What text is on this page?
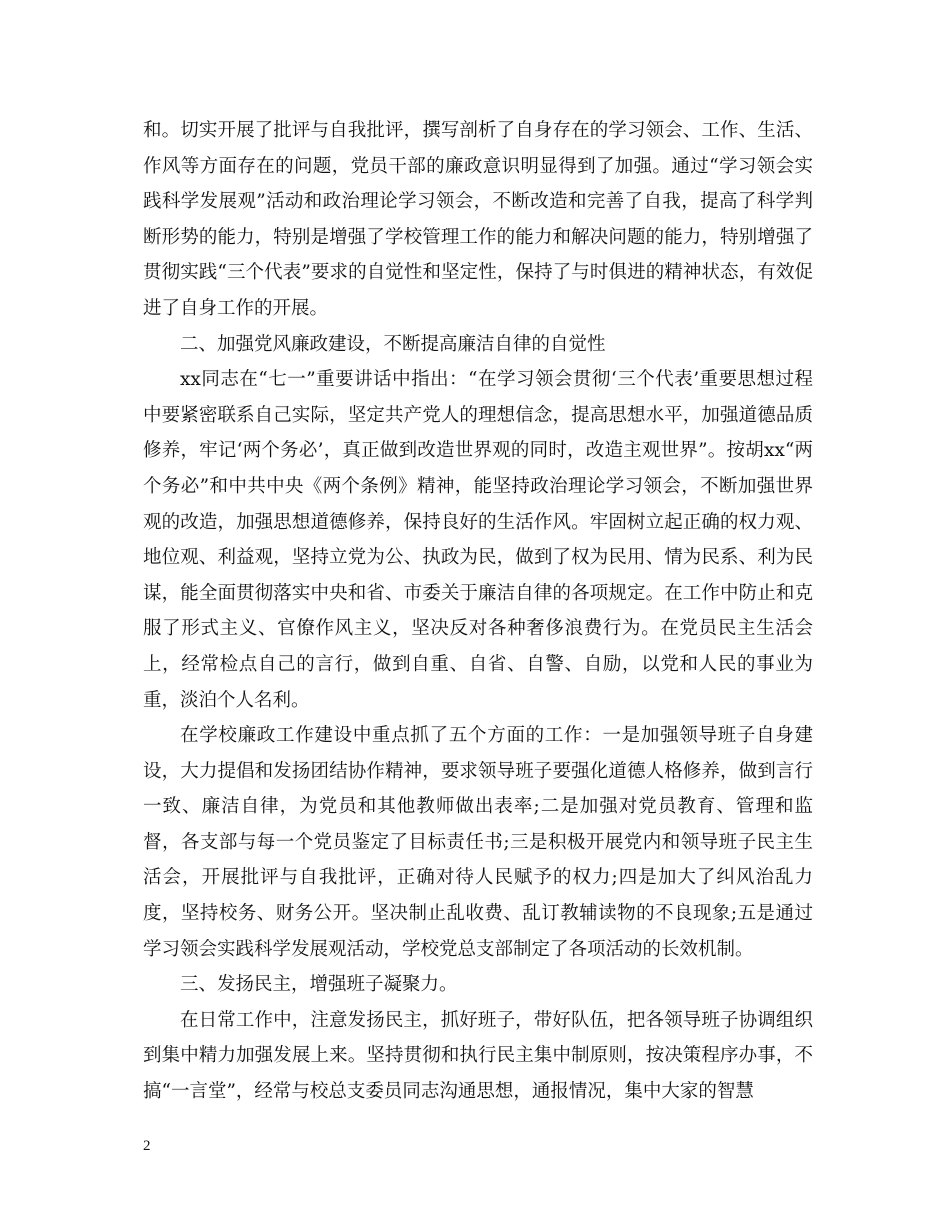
和。切实开展了批评与自我批评，撰写剖析了自身存在的学习领会、工作、生活、作风等方面存在的问题，党员干部的廉政意识明显得到了加强。通过“学习领会实践科学发展观”活动和政治理论学习领会，不断改造和完善了自我，提高了科学判断形势的能力，特别是增强了学校管理工作的能力和解决问题的能力，特别增强了贯彻实践“三个代表”要求的自觉性和坚定性，保持了与时俱进的精神状态，有效促进了自身工作的开展。

二、加强党风廉政建设，不断提高廉洁自律的自觉性

xx同志在“七一”重要讲话中指出：“在学习领会贯彻‘三个代表’重要思想过程中要紧密联系自己实际，坚定共产党人的理想信念，提高思想水平，加强道德品质修养，牢记‘两个务必’，真正做到改造世界观的同时，改造主观世界”。按胡xx“两个务必”和中共中央《两个条例》精神，能坚持政治理论学习领会，不断加强世界观的改造，加强思想道德修养，保持良好的生活作风。牢固树立起正确的权力观、地位观、利益观，坚持立党为公、执政为民，做到了权为民用、情为民系、利为民谋，能全面贯彻落实中央和省、市委关于廉洁自律的各项规定。在工作中防止和克服了形式主义、官僚作风主义，坚决反对各种奢侈浪费行为。在党员民主生活会上，经常检点自己的言行，做到自重、自省、自警、自励，以党和人民的事业为重，淡泊个人名利。

在学校廉政工作建设中重点抓了五个方面的工作：一是加强领导班子自身建设，大力提倡和发扬团结协作精神，要求领导班子要强化道德人格修养，做到言行一致、廉洁自律，为党员和其他教师做出表率;二是加强对党员教育、管理和监督，各支部与每一个党员鉴定了目标责任书;三是积极开展党内和领导班子民主生活会，开展批评与自我批评，正确对待人民赋予的权力;四是加大了纠风治乱力度，坚持校务、财务公开。坚决制止乱收费、乱订教辅读物的不良现象;五是通过学习领会实践科学发展观活动，学校党总支部制定了各项活动的长效机制。

三、发扬民主，增强班子凝聚力。

在日常工作中，注意发扬民主，抓好班子，带好队伍，把各领导班子协调组织到集中精力加强发展上来。坚持贯彻和执行民主集中制原则，按决策程序办事，不搞“一言堂”，经常与校总支委员同志沟通思想，通报情况，集中大家的智慧

2
